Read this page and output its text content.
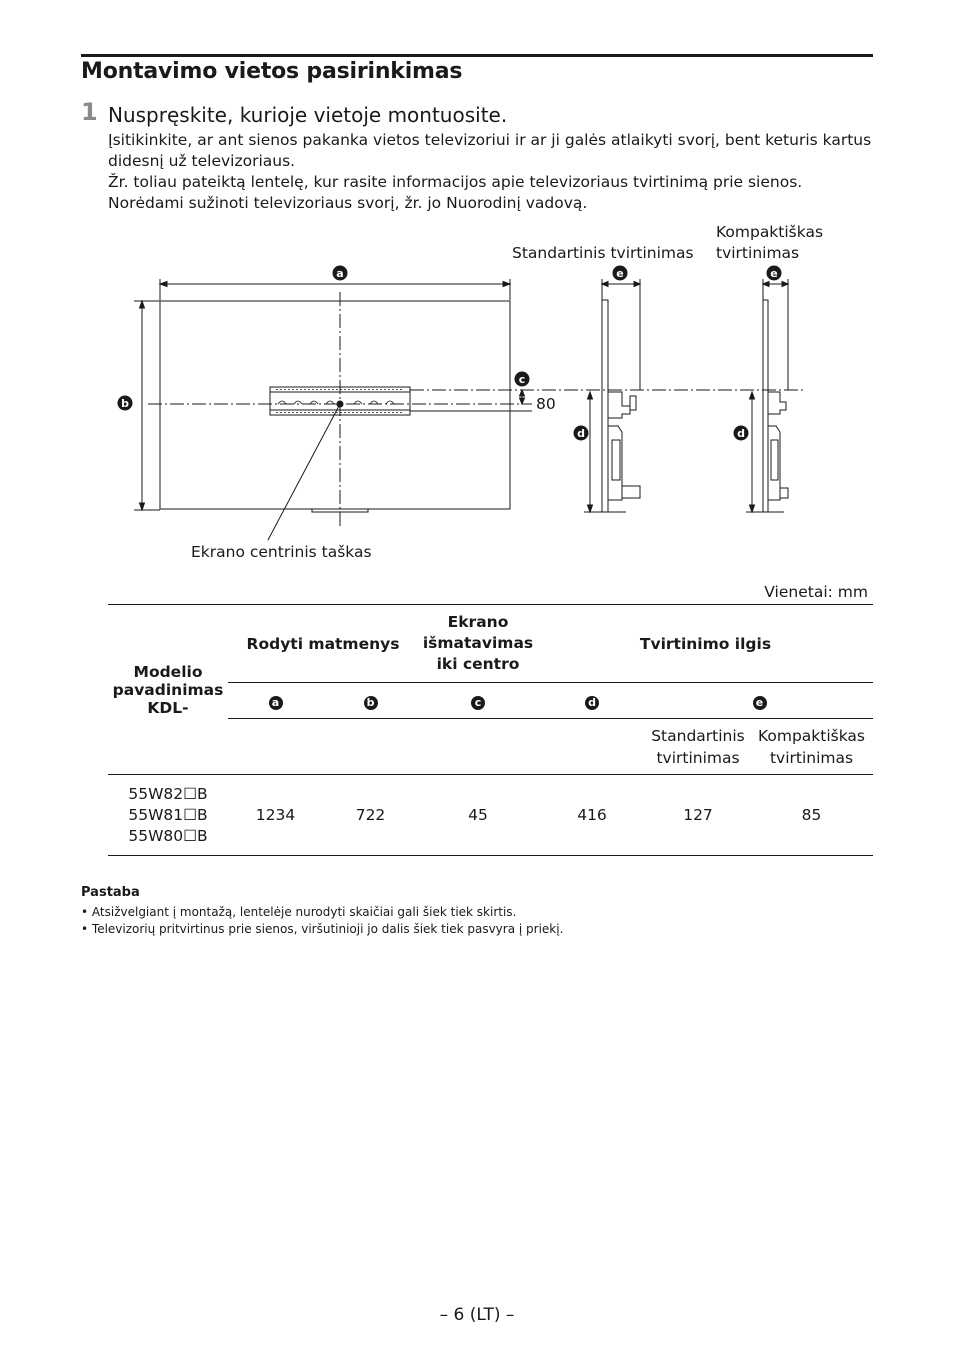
Montavimo vietos pasirinkimas
1 Nuspręskite, kurioje vietoje montuosite.
Įsitikinkite, ar ant sienos pakanka vietos televizoriui ir ar ji galės atlaikyti svorį, bent keturis kartus didesnį už televizoriaus.
Žr. toliau pateiktą lentelę, kur rasite informacijos apie televizoriaus tvirtinimą prie sienos. Norėdami sužinoti televizoriaus svorį, žr. jo Nuorodinį vadovą.
Standartinis tvirtinimas
Kompaktiškas
tvirtinimas
Ekrano centrinis taškas
a
b
c
80
e	e
d	d
Vienetai: mm
Modelio pavadinimas KDL-	Rodyti matmenys		Ekrano išmatavimas iki centro	Tvirtinimo ilgis		
	a	b	c	d	e	
					Standartinis tvirtinimas	Kompaktiškas tvirtinimas

55W82☐B
55W81☐B
55W80☐B	1234	722	45	416	127	85
Pastaba
• Atsižvelgiant į montažą, lentelėje nurodyti skaičiai gali šiek tiek skirtis.
• Televizorių pritvirtinus prie sienos, viršutinioji jo dalis šiek tiek pasvyra į priekį.
– 6 (LT) –
